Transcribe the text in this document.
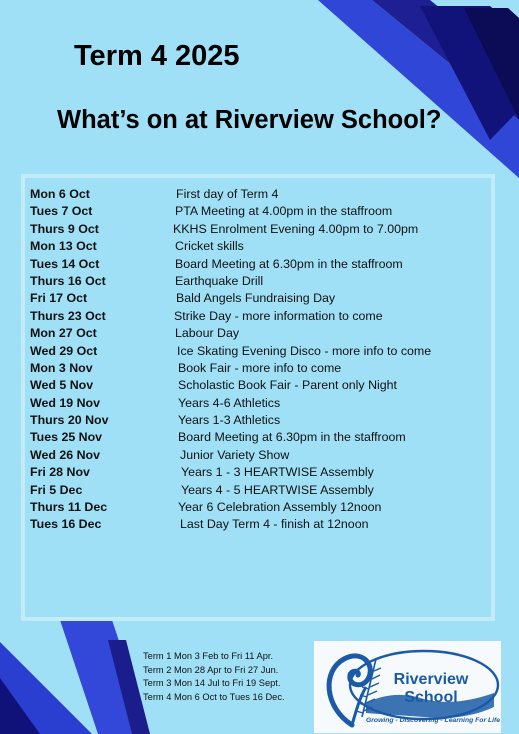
Term 4 2025
What’s on at Riverview School?
Mon 6 Oct	First day of Term 4
Tues 7 Oct	PTA Meeting at 4.00pm in the staffroom
Thurs 9 Oct	KKHS Enrolment Evening 4.00pm to 7.00pm
Mon 13 Oct	Cricket skills
Tues 14 Oct	Board Meeting at 6.30pm in the staffroom
Thurs 16 Oct	Earthquake Drill
Fri 17 Oct	Bald Angels Fundraising Day
Thurs 23 Oct	Strike Day - more information to come
Mon 27 Oct	Labour Day
Wed 29 Oct	Ice Skating Evening Disco - more info to come
Mon 3 Nov	Book Fair - more info to come
Wed 5 Nov	Scholastic Book Fair - Parent only Night
Wed 19 Nov	Years 4-6 Athletics
Thurs 20 Nov	Years 1-3 Athletics
Tues 25 Nov	Board Meeting at 6.30pm in the staffroom
Wed 26 Nov	Junior Variety Show
Fri 28 Nov	Years 1 - 3 HEARTWISE Assembly
Fri 5 Dec	Years 4 - 5 HEARTWISE Assembly
Thurs 11 Dec	Year 6 Celebration Assembly 12noon
Tues 16 Dec	Last Day Term 4 - finish at 12noon
Term 1 Mon 3 Feb to Fri 11 Apr.
Term 2 Mon 28 Apr to Fri 27 Jun.
Term 3 Mon 14 Jul to Fri 19 Sept.
Term 4 Mon 6 Oct to Tues 16 Dec.
Riverview
School
Growing - Discovering - Learning For Life
